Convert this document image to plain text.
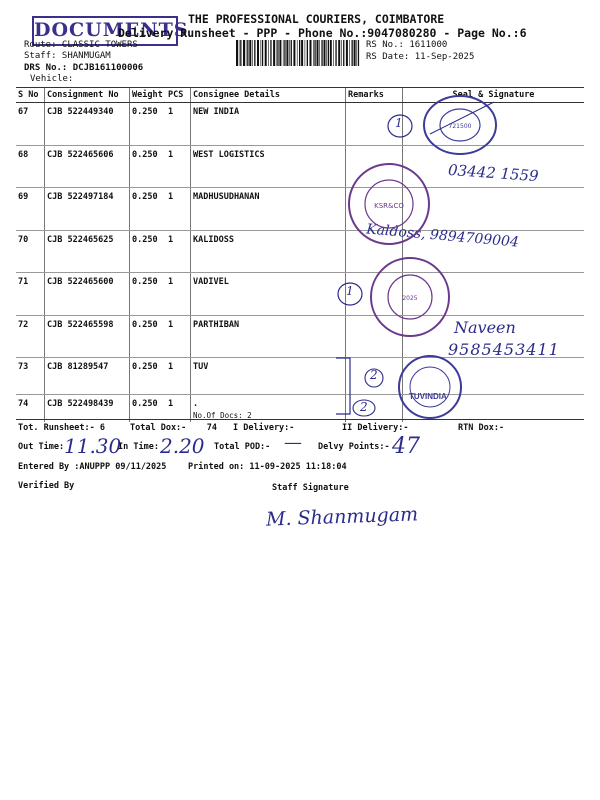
DOCUMENTS THE PROFESSIONAL COURIERS, COIMBATORE
Delivery Runsheet - PPP - Phone No.:9047080280 - Page No.:6
Route: CLASSIC TOWERS
Staff: SHANMUGAM
DRS No.: DCJB161100006
Vehicle:
RS No.: 1611000
RS Date: 11-Sep-2025
S No	Consignment No	Weight	PCS	Consignee Details	Remarks	Seal & Signature
67	CJB 522449340	0.250	1	NEW INDIA		
68	CJB 522465606	0.250	1	WEST LOGISTICS		
69	CJB 522497184	0.250	1	MADHUSUDHANAN		
70	CJB 522465625	0.250	1	KALIDOSS		
71	CJB 522465600	0.250	1	VADIVEL		
72	CJB 522465598	0.250	1	PARTHIBAN		
73	CJB 81289547	0.250	1	TUV		
74	CJB 522498439	0.250	1	.
No.Of Docs: 2		

Tot. Runsheet:- 6	Total Dox:-    74 I Delivery:-	II Delivery:-	RTN Dox:-
Out Time: 11.30
In Time: 2.20 Total POD:- — Delvy Points:- 47
Entered By :ANUPPP 09/11/2025	Printed on: 11-09-2025 11:18:04
Verified By	Staff Signature
M. Shanmugam
1
03442 1559
Kaldoss, 9894709004
1
Naveen
9585453411
2
2
721500
KSR&CO
2025
TUVINDIA
